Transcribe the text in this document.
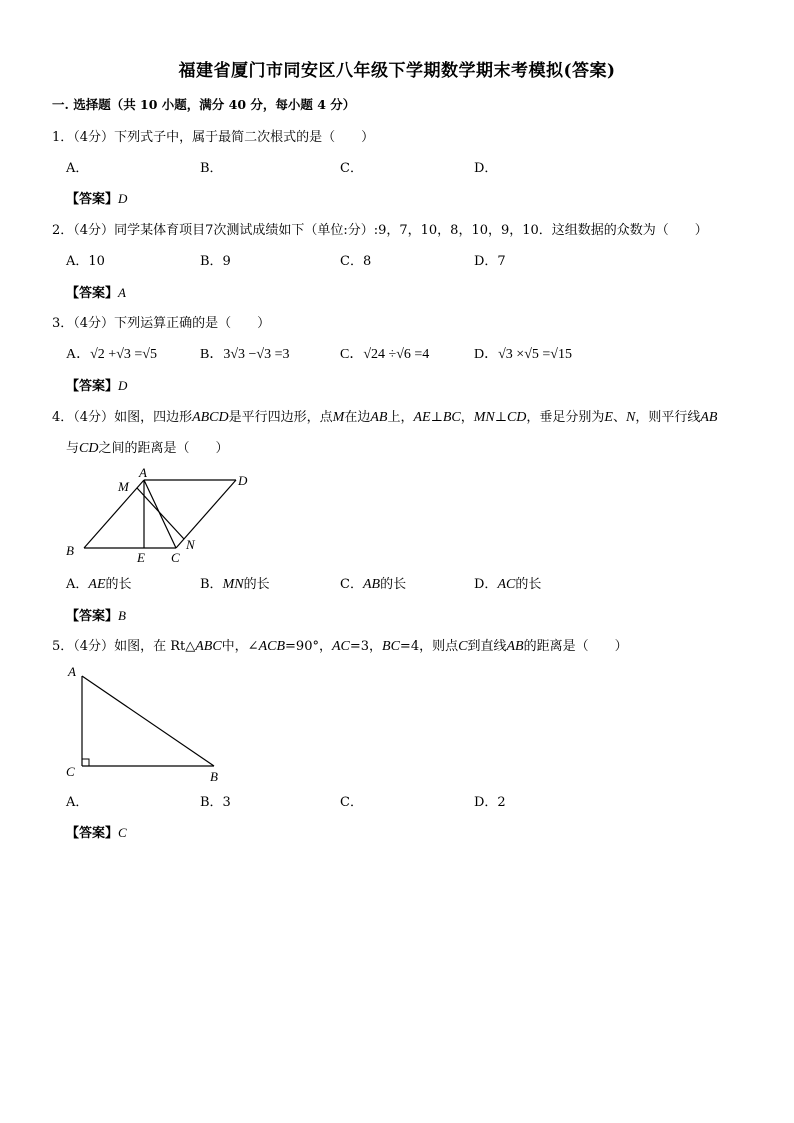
福建省厦门市同安区八年级下学期数学期末考模拟(答案)
一. 选择题（共 10 小题，满分 40 分，每小题 4 分）
1．（4分）下列式子中，属于最简二次根式的是（　　）
A．	B．	C．	D．
【答案】D
2．（4分）同学某体育项目7次测试成绩如下（单位:分）:9，7，10，8，10，9，10．这组数据的众数为（　　）
A．10	B．9	C．8	D．7
【答案】A
3．（4分）下列运算正确的是（　　）
A．√2 +√3 =√5	B．3√3 −√3 =3	C．√24 ÷√6 =4	D．√3 ×√5 =√15
【答案】D
4．（4分）如图，四边形ABCD是平行四边形，点M在边AB上，AE⊥BC，MN⊥CD，垂足分别为E、N，则平行线AB
与CD之间的距离是（　　）
A
M	D
B	E C
N
A．AE的长	B．MN的长	C．AB的长	D．AC的长
【答案】B
5．（4分）如图，在 Rt△ABC中，∠ACB=90°，AC=3，BC=4，则点C到直线AB的距离是（　　）
A
C	B
A．	B．3	C．	D．2
【答案】C
